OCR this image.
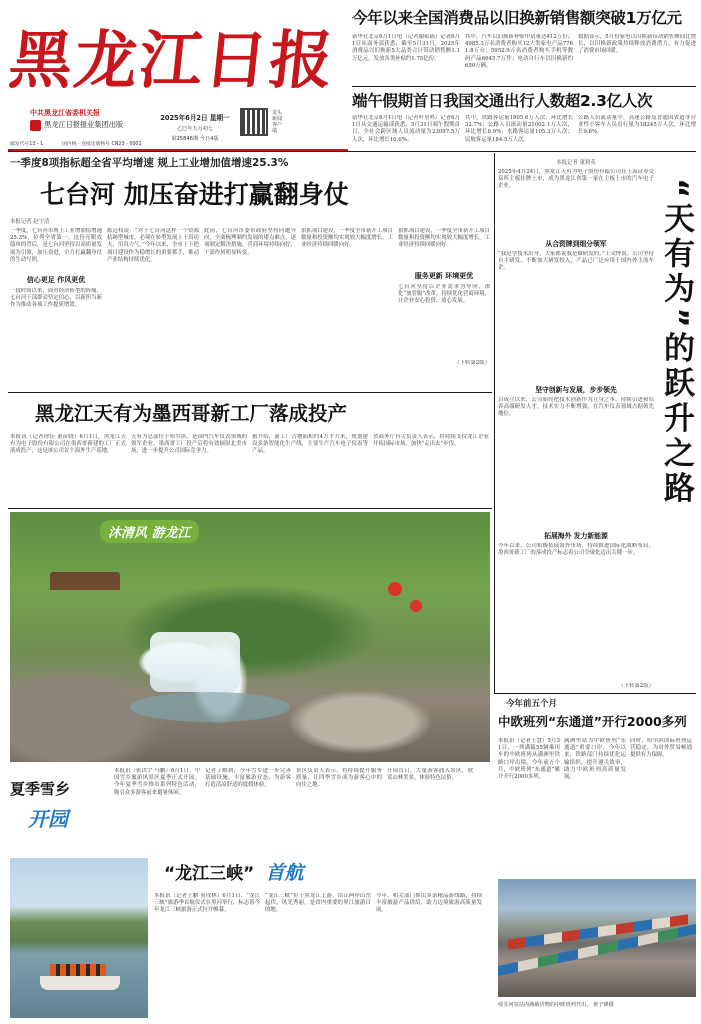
黑龙江日报
中共黑龙江省委机关报
黑龙江日报报业集团出版
邮发代号13 - 1	国内统一连续出版物号 CN23 - 0001
2025年6月2日 星期一
乙巳年五月初七
第25846期 今日4版
龙头新闻客户端
今年以来全国消费品以旧换新销售额突破1万亿元
新华社北京6月1日电（记者谢希瑶）记者6月1日从商务部获悉，截至5月31日，2025年消费品以旧换新5大品类合计带动销售额1.1万亿元，发放各类补贴约1.75亿份。
其中，汽车以旧换新补贴申请量达412万份；4985.3万名消费者购买12大类家电产品7761.8万台；5952.9万名消费者购买手机等数码产品6645.7万件；电动自行车以旧换新约650万辆。
数据显示，5月份家电以旧换新带动销售额同比增长，以旧换新政策持续释放消费潜力，有力促进了消费市场回暖。
端午假期首日我国交通出行人数超2.3亿人次
新华社北京6月1日电（记者叶昊鸣）记者6月1日从交通运输部获悉，5月31日端午假期首日，全社会跨区域人员流动量为23097.5万人次，环比增长10.6%。
其中，铁路客运量1805.6万人次，环比增长32.7%；公路人员流动量21002.1万人次，环比增长8.9%；水路客运量105.3万人次；民航客运量184.5万人次。
公路人员流动量中，高速公路及普通国省道非营业性小客车人员出行量为18245万人次，环比增长9.6%。
一季度8项指标超全省平均增速 规上工业增加值增速25.3%
七台河 加压奋进打赢翻身仗
本报记者 赵宇清
一季度，七台河市规上工业增加值增速25.3%，位列全省第一。这份亮眼成绩单的背后，是七台河坚持以高质量发展为引领，加压奋进，全力打赢翻身仗的生动写照。
信心更足 作风更优
一段时间以来，面对经济转型的阵痛，七台河干部群众坚定信心，以新担当新作为推动各项工作提质增效。
陈廷权说：“对于七台河这样一个资源枯竭型城市，必须在转型发展上下真功夫、用真力气。”今年以来，全市上下把项目建设作为稳增长的重要抓手，推动产业结构持续优化。
此前，七台河市委市政府坚持问题导向，全面梳理制约发展的堵点难点，逐项制定解决措施，营商环境持续向好，干部作风明显转变。
狠抓项目建设，一季度全市新开工项目数量和投资额均实现较大幅度增长，工业经济持续回暖向好。
狠抓项目建设，一季度全市新开工项目数量和投资额均实现较大幅度增长，工业经济持续回暖向好。
服务更新 环境更优
七台河坚持以企业需求为导向，深化“放管服”改革，持续优化营商环境，让企业安心投资、放心发展。
（下转第2版）
本报记者 董莉英
2025年4月24日，黑龙江天有为电子股份有限公司在上海证券交易所主板挂牌上市，成为黑龙江省第一家在主板上市的汽车电子企业。
从合资牌到细分领军
“我是学技术出身，大家都说我是做研发的。”王文博说。公司坚持自主研发，不断加大研发投入，产品已广泛应用于国内外主流车企。
坚守创新与发展，步步领先
自成立以来，公司始终把技术创新作为立身之本，持续引进和培养高端研发人才，技术实力不断增强，在汽车仪表领域占据领先地位。
拓展海外 发力新能源
今年以来，公司积极拓展海外市场，持续推进国际化战略布局，墨西哥新工厂的落成投产标志着公司全球化迈出关键一步。
（下转第2版）
“天有为”的跃升之路
黑龙江天有为墨西哥新工厂落成投产
本报讯（记者徐佳 董彦晓）6月1日，黑龙江天有为电子股份有限公司在墨西哥新建的工厂正式落成投产，这是该公司首个海外生产基地。
天有为总部位于哈尔滨，是国内汽车仪表领域的领军企业。墨西哥工厂投产后将有效辐射北美市场，进一步提升公司国际竞争力。
据介绍，新工厂占地面积约4万平方米，规划建设多条智能化生产线，主要生产汽车电子仪表等产品。
省商务厅有关负责人表示，将持续支持龙江企业开拓国际市场，加快“走出去”步伐。
沐清风 游龙江
夏季雪乡
开园
本报讯（张洪宇 马鹏）6月1日，中国雪乡旅游风景区夏季正式开园。今年夏季雪乡推出系列特色活动，吸引众多游客前来避暑休闲。
记者了解到，今年雪乡进一步完善基础设施，丰富旅游业态，为游客打造清凉舒适的度假体验。
景区负责人表示，将持续提升服务质量，让四季雪乡成为游客心中的向往之地。
开园首日，大量游客涌入景区，欣赏山林美景，体验特色民俗。
“龙江三峡” 首航
本报讯（记者王鹏 黄玫林）6月1日，“龙江三峡”旅游季首航仪式在黑河举行，标志着今年龙江三峡旅游正式拉开帷幕。
“龙江三峡”位于黑龙江上游，沿江两岸山峦起伏，风光秀丽，是省内重要的界江旅游目的地。
今年，相关部门推出多条精品游线路，持续丰富旅游产品供给，助力边境旅游高质量发展。
今年前五个月
中欧班列“东通道”开行2000多列
本报讯（记者王慧）5月31日，一列满载55辆乘用车的中欧班列从满洲里铁路口岸出境。今年前五个月，中欧班列“东通道”累计开行2000多列。
满洲里站为中欧班列“东通道”重要口岸，今年以来，铁路部门持续优化运输组织，提升通关效率，助力中欧班列高质量发展。
同时，哈尔滨国际班列运营稳定，为对外贸易畅通提供有力保障。
绥芬河站站内满载货物的中欧班列开出。 黄子锋摄
